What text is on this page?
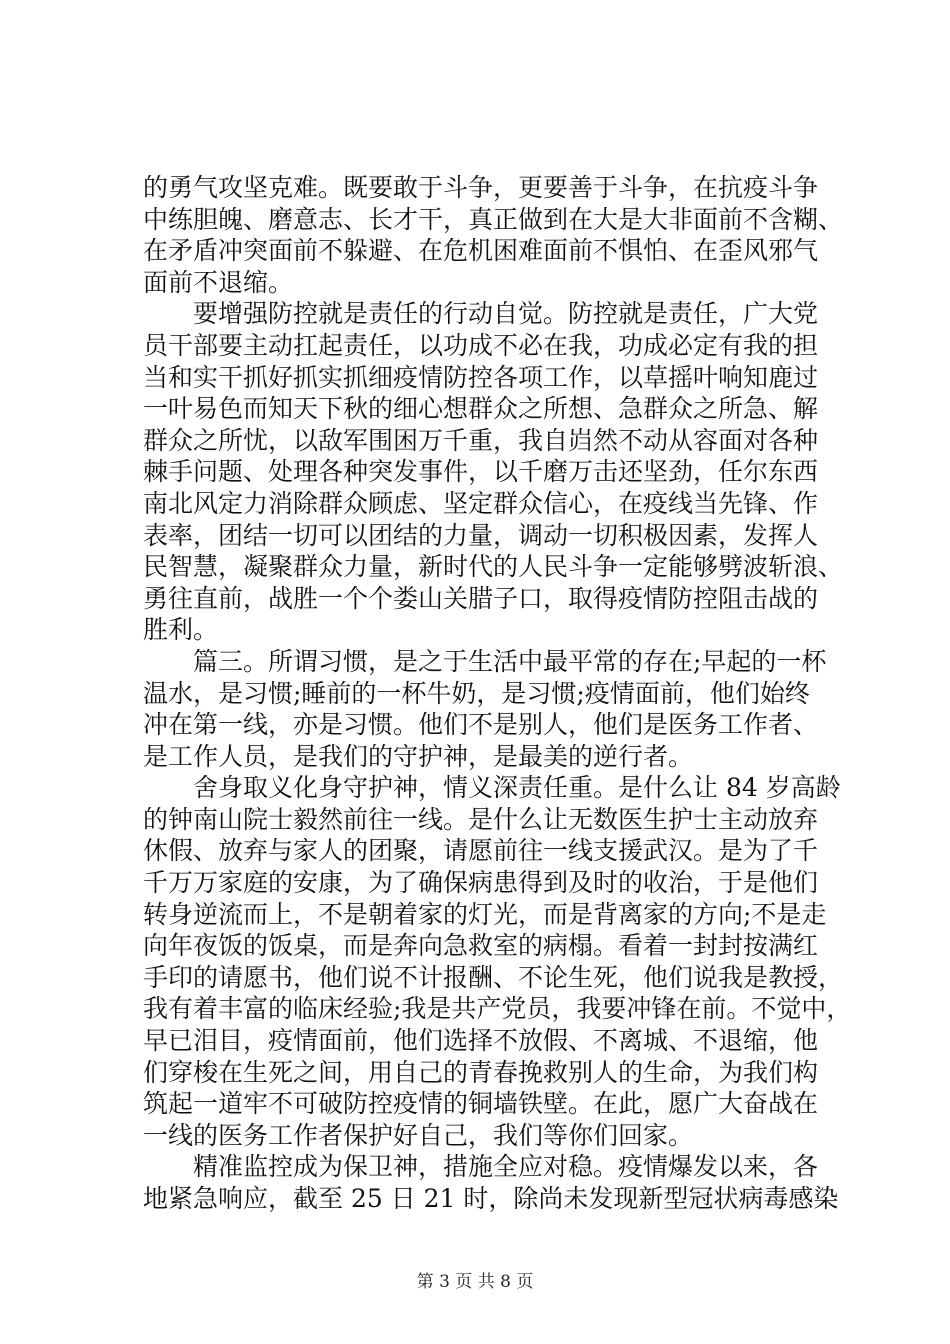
的勇气攻坚克难。既要敢于斗争，更要善于斗争，在抗疫斗争
中练胆魄、磨意志、长才干，真正做到在大是大非面前不含糊、
在矛盾冲突面前不躲避、在危机困难面前不惧怕、在歪风邪气
面前不退缩。
　　要增强防控就是责任的行动自觉。防控就是责任，广大党
员干部要主动扛起责任，以功成不必在我，功成必定有我的担
当和实干抓好抓实抓细疫情防控各项工作，以草摇叶响知鹿过
一叶易色而知天下秋的细心想群众之所想、急群众之所急、解
群众之所忧，以敌军围困万千重，我自岿然不动从容面对各种
棘手问题、处理各种突发事件，以千磨万击还坚劲，任尔东西
南北风定力消除群众顾虑、坚定群众信心，在疫线当先锋、作
表率，团结一切可以团结的力量，调动一切积极因素，发挥人
民智慧，凝聚群众力量，新时代的人民斗争一定能够劈波斩浪、
勇往直前，战胜一个个娄山关腊子口，取得疫情防控阻击战的
胜利。
　　篇三。所谓习惯，是之于生活中最平常的存在;早起的一杯
温水，是习惯;睡前的一杯牛奶，是习惯;疫情面前，他们始终
冲在第一线，亦是习惯。他们不是别人，他们是医务工作者、
是工作人员，是我们的守护神，是最美的逆行者。
　　舍身取义化身守护神，情义深责任重。是什么让 84 岁高龄
的钟南山院士毅然前往一线。是什么让无数医生护士主动放弃
休假、放弃与家人的团聚，请愿前往一线支援武汉。是为了千
千万万家庭的安康，为了确保病患得到及时的收治，于是他们
转身逆流而上，不是朝着家的灯光，而是背离家的方向;不是走
向年夜饭的饭桌，而是奔向急救室的病榻。看着一封封按满红
手印的请愿书，他们说不计报酬、不论生死，他们说我是教授，
我有着丰富的临床经验;我是共产党员，我要冲锋在前。不觉中，
早已泪目，疫情面前，他们选择不放假、不离城、不退缩，他
们穿梭在生死之间，用自己的青春挽救别人的生命，为我们构
筑起一道牢不可破防控疫情的铜墙铁壁。在此，愿广大奋战在
一线的医务工作者保护好自己，我们等你们回家。
　　精准监控成为保卫神，措施全应对稳。疫情爆发以来，各
地紧急响应，截至 25 日 21 时，除尚未发现新型冠状病毒感染
第 3 页 共 8 页
